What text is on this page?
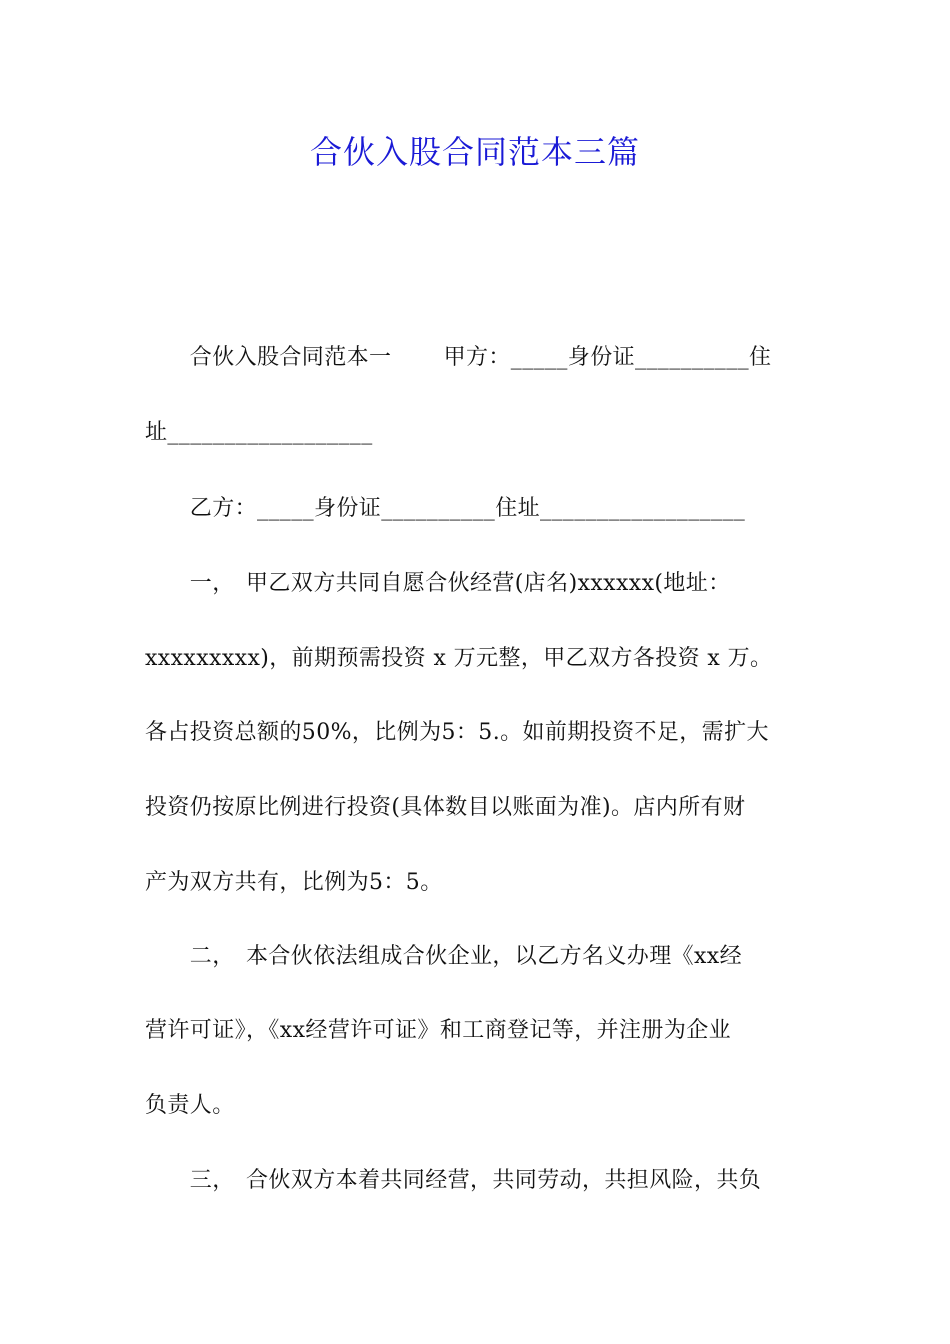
合伙入股合同范本三篇
　　合伙入股合同范本一　　 甲方：_____身份证__________住
址__________________
　　乙方：_____身份证__________住址__________________
　　一，　甲乙双方共同自愿合伙经营(店名)xxxxxx(地址：
xxxxxxxxx)，前期预需投资 x 万元整，甲乙双方各投资 x 万。
各占投资总额的50%，比例为5：5.。如前期投资不足，需扩大
投资仍按原比例进行投资(具体数目以账面为准)。店内所有财
产为双方共有，比例为5：5。
　　二，　本合伙依法组成合伙企业，以乙方名义办理《xx经
营许可证》，《xx经营许可证》和工商登记等，并注册为企业
负责人。
　　三，　合伙双方本着共同经营，共同劳动，共担风险，共负
